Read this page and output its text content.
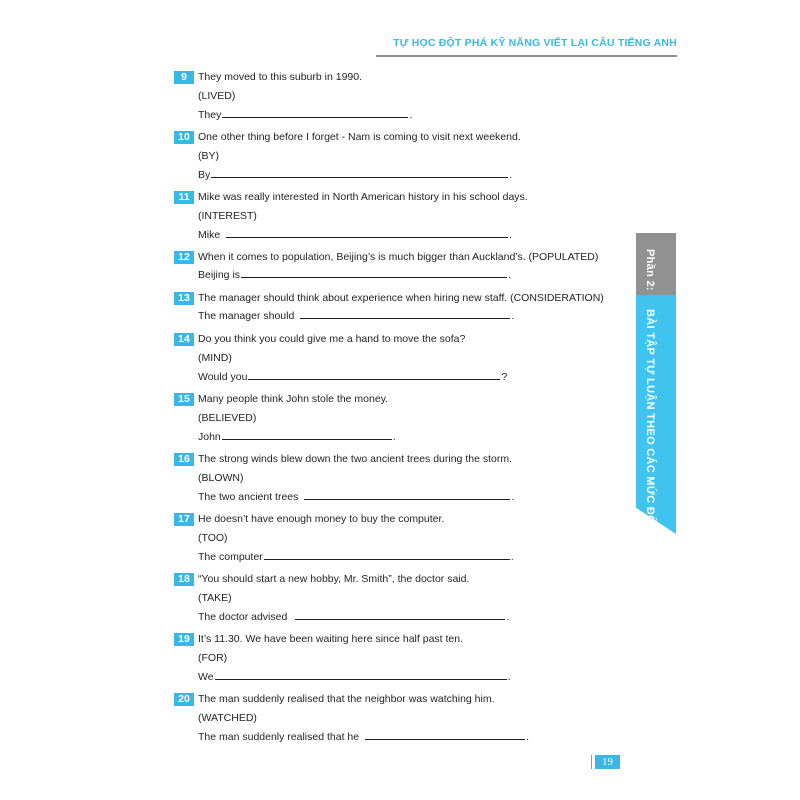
TỰ HỌC ĐỘT PHÁ KỸ NĂNG VIẾT LẠI CÂU TIẾNG ANH
9	They moved to this suburb in 1990.
(LIVED)
They	.
10 One other thing before I forget - Nam is coming to visit next weekend.
(BY)
By	.
11 Mike was really interested in North American history in his school days.
(INTEREST)
Mike	.
12 When it comes to population, Beijing’s is much bigger than Auckland’s. (POPULATED)
Beijing is	.
13 The manager should think about experience when hiring new staff. (CONSIDERATION)
The manager should	.
14 Do you think you could give me a hand to move the sofa?
(MIND)
Would you	?
15 Many people think John stole the money.
(BELIEVED)
John	.
16 The strong winds blew down the two ancient trees during the storm.
(BLOWN)
The two ancient trees	.
17 He doesn’t have enough money to buy the computer.
(TOO)
The computer	.
18 “You should start a new hobby, Mr. Smith”, the doctor said.
(TAKE)
The doctor advised	.
19 It’s 11.30. We have been waiting here since half past ten.
(FOR)
We	.
20 The man suddenly realised that the neighbor was watching him.
(WATCHED)
The man suddenly realised that he	.
Phần 2:BÀI TẬP TỰ LUẬN THEO CÁC MỨC ĐỘ
19
